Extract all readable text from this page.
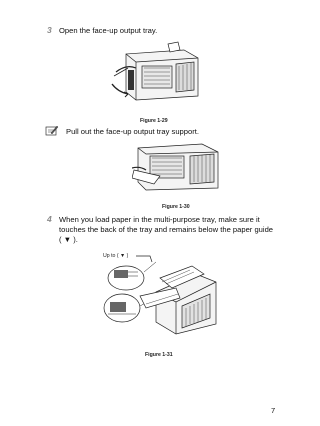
3 Open the face-up output tray.
Figure 1-29
Pull out the face-up output tray support.
Figure 1-30
4 When you load paper in the multi-purpose tray, make sure it
touches the back of the tray and remains below the paper guide
( ▼ ).
Up to ( ▼ )
Figure 1-31
7
